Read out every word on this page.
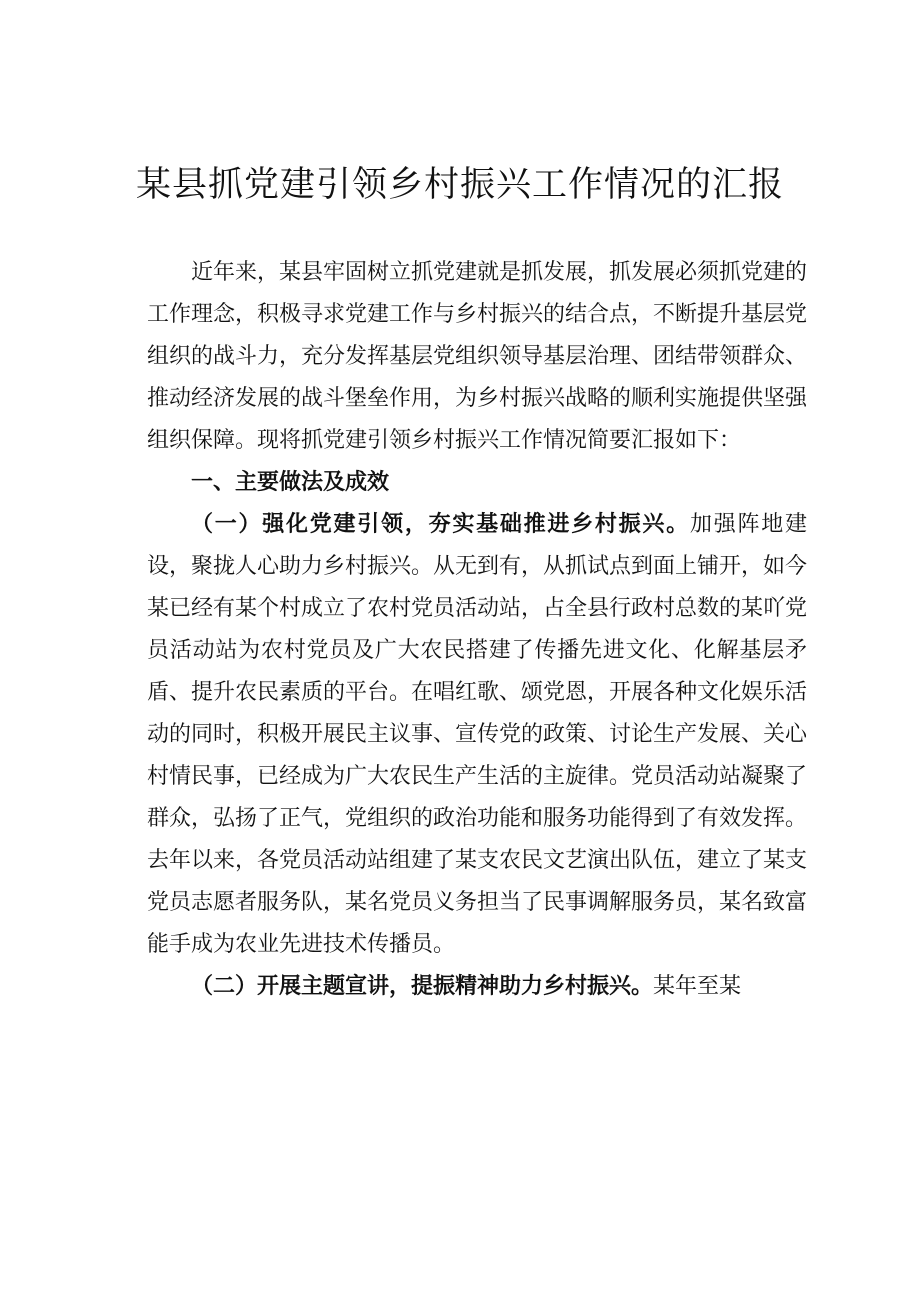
某县抓党建引领乡村振兴工作情况的汇报

近年来，某县牢固树立抓党建就是抓发展，抓发展必须抓党建的工作理念，积极寻求党建工作与乡村振兴的结合点，不断提升基层党组织的战斗力，充分发挥基层党组织领导基层治理、团结带领群众、推动经济发展的战斗堡垒作用，为乡村振兴战略的顺利实施提供坚强组织保障。现将抓党建引领乡村振兴工作情况简要汇报如下：

一、主要做法及成效

（一）强化党建引领，夯实基础推进乡村振兴。加强阵地建设，聚拢人心助力乡村振兴。从无到有，从抓试点到面上铺开，如今某已经有某个村成立了农村党员活动站，占全县行政村总数的某吖党员活动站为农村党员及广大农民搭建了传播先进文化、化解基层矛盾、提升农民素质的平台。在唱红歌、颂党恩，开展各种文化娱乐活动的同时，积极开展民主议事、宣传党的政策、讨论生产发展、关心村情民事，已经成为广大农民生产生活的主旋律。党员活动站凝聚了群众，弘扬了正气，党组织的政治功能和服务功能得到了有效发挥。去年以来，各党员活动站组建了某支农民文艺演出队伍，建立了某支党员志愿者服务队，某名党员义务担当了民事调解服务员，某名致富能手成为农业先进技术传播员。

（二）开展主题宣讲，提振精神助力乡村振兴。某年至某
